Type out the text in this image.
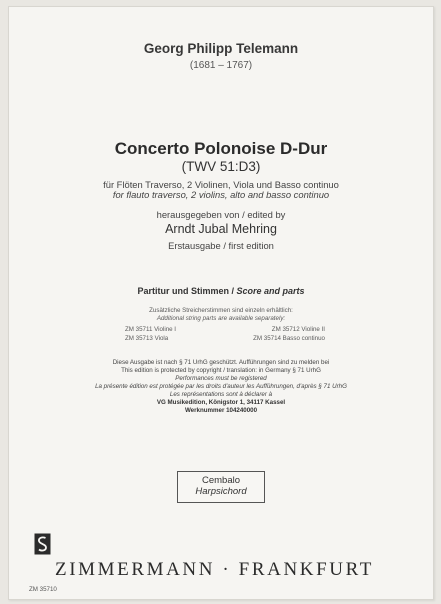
Georg Philipp Telemann
(1681 – 1767)
Concerto Polonoise D-Dur
(TWV 51:D3)
für Flöten Traverso, 2 Violinen, Viola und Basso continuo
for flauto traverso, 2 violins, alto and basso continuo
herausgegeben von / edited by
Arndt Jubal Mehring
Erstausgabe / first edition
Partitur und Stimmen / Score and parts
Zusätzliche Streicherstimmen sind einzeln erhältlich:
Additional string parts are available separately:
ZM 35711 Violine I	ZM 35712 Violine II
ZM 35713 Viola	ZM 35714 Basso continuo
Diese Ausgabe ist nach § 71 UrhG geschützt. Aufführungen sind zu melden bei
This edition is protected by copyright / translation: in Germany § 71 UrhG
Performances must be registered
La présente édition est protégée par les droits d'auteur les Aufführungen, d'après § 71 UrhG
Les représentations sont à déclarer à
VG Musikedition, Königstor 1, 34117 Kassel
Werknummer 104240000
Cembalo
Harpsichord
ZIMMERMANN · FRANKFURT
ZM 35710
